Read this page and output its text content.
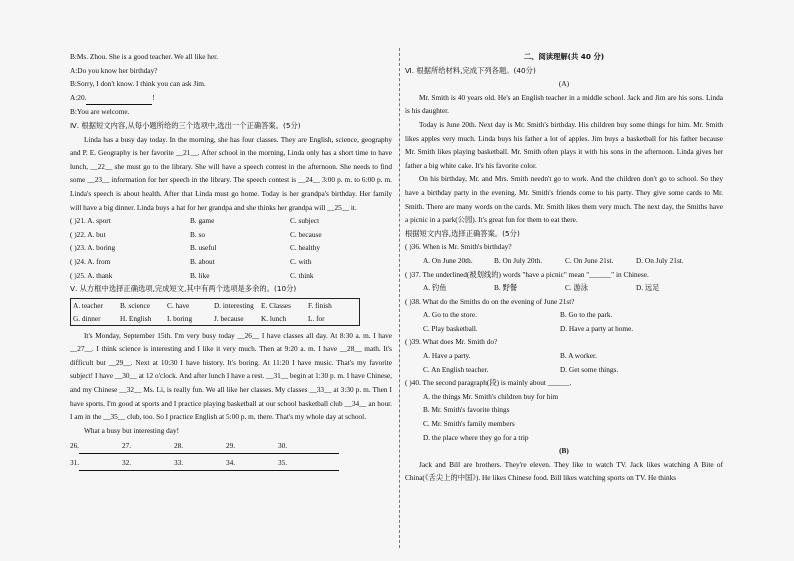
B:Ms. Zhou. She is a good teacher. We all like her.
A:Do you know her birthday?
B:Sorry, I don't know. I think you can ask Jim.
A:20.	!
B:You are welcome.
Ⅳ. 根据短文内容,从每小题所给的三个选项中,选出一个正确答案。(5分)
Linda has a busy day today. In the morning, she has four classes. They are English, science, geography and P. E. Geography is her favorite __21__. After school in the morning, Linda only has a short time to have lunch, __22__ she must go to the library. She will have a speech contest in the afternoon. She needs to find some __23__ information for her speech in the library. The speech contest is __24__ 3:00 p. m. to 6:00 p. m. Linda's speech is about health. After that Linda must go home. Today is her grandpa's birthday. Her family will have a big dinner. Linda buys a hat for her grandpa and she thinks her grandpa will __25__ it.
( )21. A. sport	B. game	C. subject
( )22. A. but	B. so	C. because
( )23. A. boring	B. useful	C. healthy
( )24. A. from	B. about	C. with
( )25. A. thank	B. like	C. think
Ⅴ. 从方框中选择正确选项,完成短文,其中有两个选项是多余的。(10分)
A. teacher	B. science	C. have	D. interesting E. Classes	F. finish
G. dinner	H. English	I. boring	J. because	K. lunch	L. for
It's Monday, September 15th. I'm very busy today __26__ I have classes all day. At 8:30 a. m. I have __27__. I think science is interesting and I like it very much. Then at 9:20 a. m. I have __28__ math. It's difficult but __29__. Next at 10:30 I have history. It's boring. At 11:20 I have music. That's my favorite subject! I have __30__ at 12 o'clock. And after lunch I have a rest. __31__ begin at 1:30 p. m. I have Chinese, and my Chinese __32__ Ms. Li, is really fun. We all like her classes. My classes __33__ at 3:30 p. m. Then I have sports. I'm good at sports and I practice playing basketball at our school basketball club __34__ an hour. I am in the __35__ club, too. So I practice English at 5:00 p. m. there. That's my whole day at school.
What a busy but interesting day!
26.	27.	28.	29.	30.
31.	32.	33.	34.	35.
二、阅读理解(共 40 分)
Ⅵ. 根据所给材料,完成下列各题。(40分)
(A)
Mr. Smith is 40 years old. He's an English teacher in a middle school. Jack and Jim are his sons. Linda is his daughter.
Today is June 20th. Next day is Mr. Smith's birthday. His children buy some things for him. Mr. Smith likes apples very much. Linda buys his father a lot of apples. Jim buys a basketball for his father because Mr. Smith likes playing basketball. Mr. Smith often plays it with his sons in the afternoon. Linda gives her father a big white cake. It's his favorite color.
On his birthday, Mr. and Mrs. Smith needn't go to work. And the children don't go to school. So they have a birthday party in the evening. Mr. Smith's friends come to his party. They give some cards to Mr. Smith. There are many words on the cards. Mr. Smith likes them very much. The next day, the Smiths have a picnic in a park(公园). It's great fun for them to eat there.
根据短文内容,选择正确答案。(5分)
( )36. When is Mr. Smith's birthday?
A. On June 20th.	B. On July 20th.	C. On June 21st.	D. On July 21st.
( )37. The underlined(被划线的) words "have a picnic" mean "______" in Chinese.
A. 钓鱼	B. 野餐	C. 游泳	D. 远足
( )38. What do the Smiths do on the evening of June 21st?
A. Go to the store.	B. Go to the park.
C. Play basketball.	D. Have a party at home.
( )39. What does Mr. Smith do?
A. Have a party.	B. A worker.
C. An English teacher.	D. Get some things.
( )40. The second paragraph(段) is mainly about ______.
A. the things Mr. Smith's children buy for him
B. Mr. Smith's favorite things
C. Mr. Smith's family members
D. the place where they go for a trip
(B)
Jack and Bill are brothers. They're eleven. They like to watch TV. Jack likes watching A Bite of China(《舌尖上的中国》). He likes Chinese food. Bill likes watching sports on TV. He thinks
